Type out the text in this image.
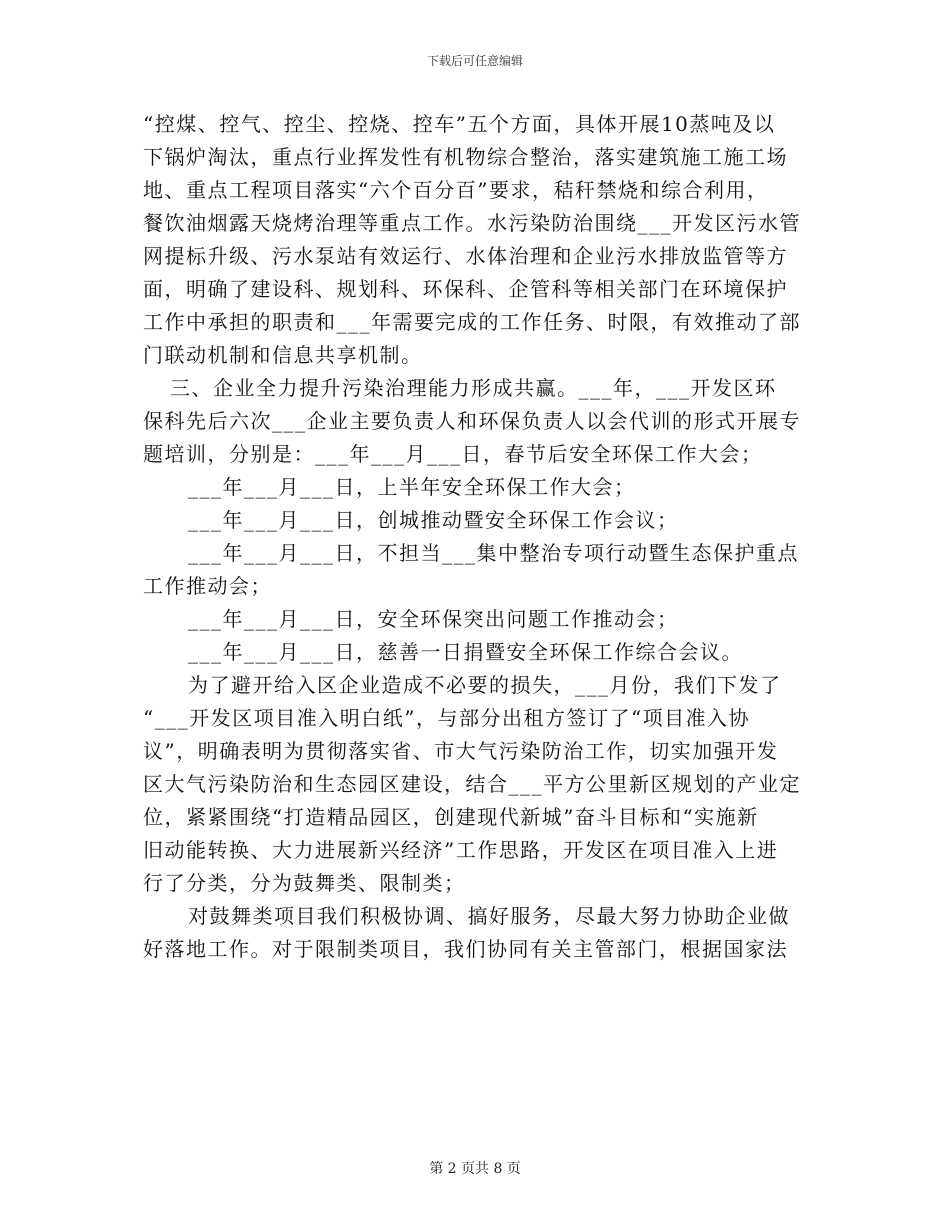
下载后可任意编辑
“控煤、控气、控尘、控烧、控车”五个方面，具体开展10蒸吨及以
下锅炉淘汰，重点行业挥发性有机物综合整治，落实建筑施工施工场
地、重点工程项目落实“六个百分百”要求，秸秆禁烧和综合利用，
餐饮油烟露天烧烤治理等重点工作。水污染防治围绕___开发区污水管
网提标升级、污水泵站有效运行、水体治理和企业污水排放监管等方
面，明确了建设科、规划科、环保科、企管科等相关部门在环境保护
工作中承担的职责和___年需要完成的工作任务、时限，有效推动了部
门联动机制和信息共享机制。
三、企业全力提升污染治理能力形成共赢。___年，___开发区环
保科先后六次___企业主要负责人和环保负责人以会代训的形式开展专
题培训，分别是：___年___月___日，春节后安全环保工作大会；
___年___月___日，上半年安全环保工作大会；
___年___月___日，创城推动暨安全环保工作会议；
___年___月___日，不担当___集中整治专项行动暨生态保护重点
工作推动会；
___年___月___日，安全环保突出问题工作推动会；
___年___月___日，慈善一日捐暨安全环保工作综合会议。
为了避开给入区企业造成不必要的损失，___月份，我们下发了
“___开发区项目准入明白纸”，与部分出租方签订了“项目准入协
议”，明确表明为贯彻落实省、市大气污染防治工作，切实加强开发
区大气污染防治和生态园区建设，结合___平方公里新区规划的产业定
位，紧紧围绕“打造精品园区，创建现代新城”奋斗目标和“实施新
旧动能转换、大力进展新兴经济”工作思路，开发区在项目准入上进
行了分类，分为鼓舞类、限制类；
对鼓舞类项目我们积极协调、搞好服务，尽最大努力协助企业做
好落地工作。对于限制类项目，我们协同有关主管部门，根据国家法
第 2 页共 8 页
